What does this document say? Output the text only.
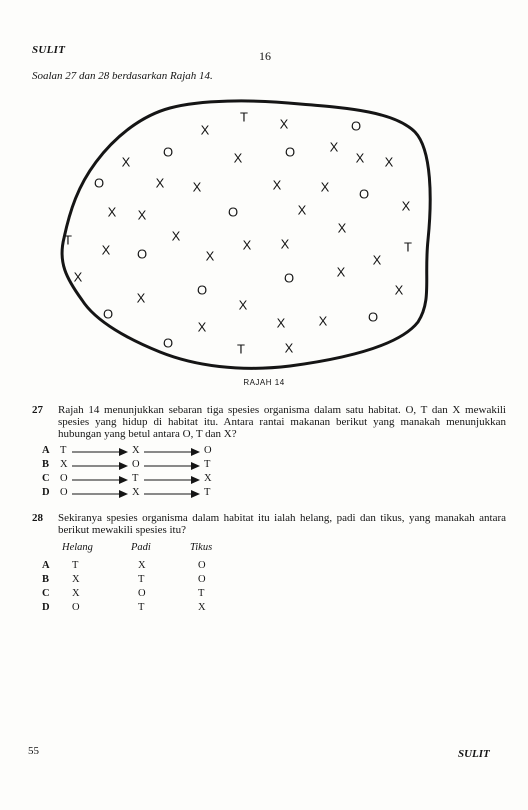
SULIT	16
Soalan 27 dan 28 berdasarkan Rajah 14.
X
T X	O
X
O	X	O	X
X X
O	X X	X	X O
X X	O	X	X
X
T	X
X O	X
X X	T
X
X	O	X
O	X
X	X
O
X	X	X	O
O	T	X
RAJAH 14
27 Rajah 14 menunjukkan sebaran tiga spesies organisma dalam satu habitat. O, T dan X mewakili spesies yang hidup di habitat itu. Antara rantai makanan berikut yang manakah menunjukkan hubungan yang betul antara O, T dan X?
A T	X	O
B X	O	T
C O	T	X
D O	X	T
28 Sekiranya spesies organisma dalam habitat itu ialah helang, padi dan tikus, yang manakah antara berikut mewakili spesies itu?
Helang	Padi	Tikus
A T	X	O
B X	T	O
C X	O	T
D O	T	X
55	SULIT
